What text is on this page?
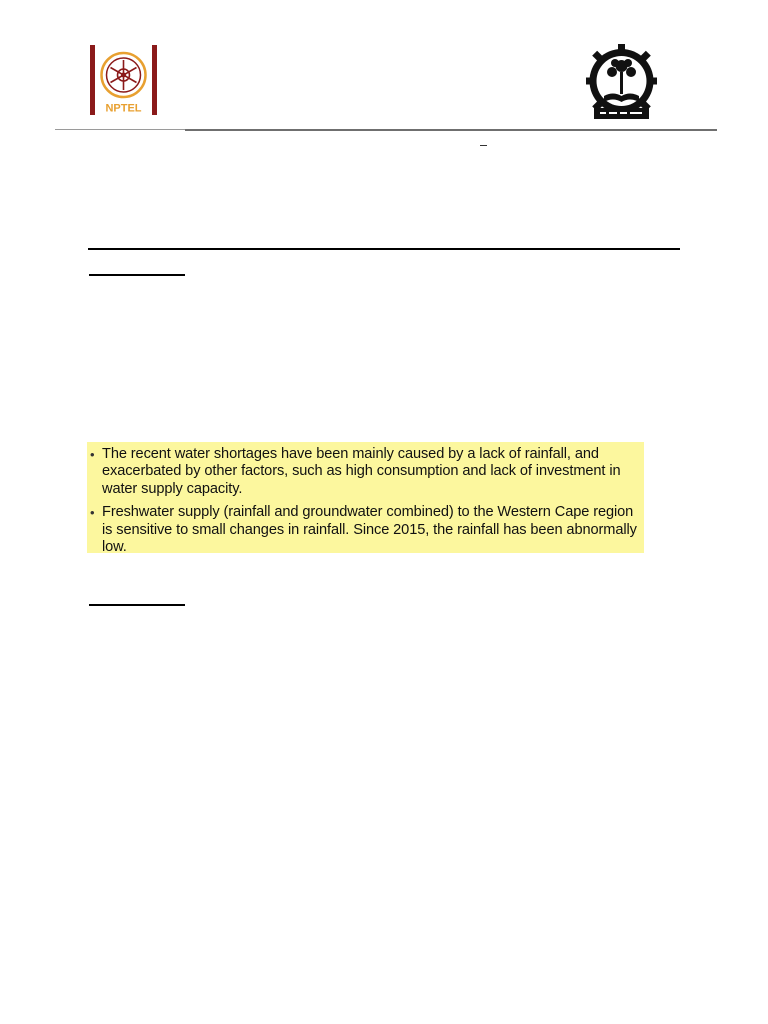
NPTEL
• The recent water shortages have been mainly caused by a lack of rainfall, and exacerbated by other factors, such as high consumption and lack of investment in water supply capacity.
• Freshwater supply (rainfall and groundwater combined) to the Western Cape region is sensitive to small changes in rainfall. Since 2015, the rainfall has been abnormally low.
